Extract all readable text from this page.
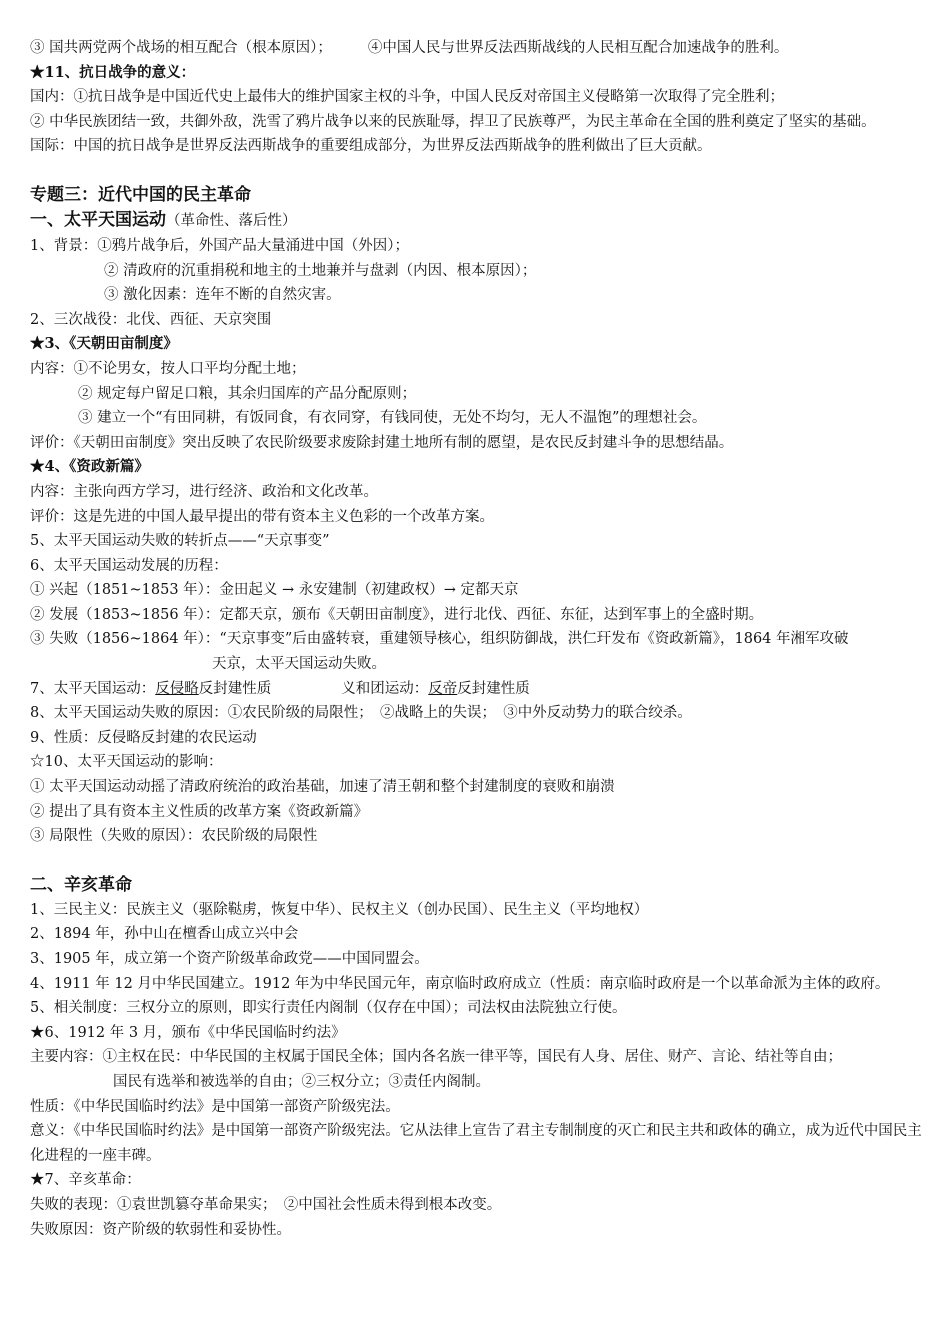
③ 国共两党两个战场的相互配合（根本原因）； ④中国人民与世界反法西斯战线的人民相互配合加速战争的胜利。
★11、抗日战争的意义：
国内：①抗日战争是中国近代史上最伟大的维护国家主权的斗争，中国人民反对帝国主义侵略第一次取得了完全胜利；
② 中华民族团结一致，共御外敌，洗雪了鸦片战争以来的民族耻辱，捍卫了民族尊严，为民主革命在全国的胜利奠定了坚实的基础。
国际：中国的抗日战争是世界反法西斯战争的重要组成部分，为世界反法西斯战争的胜利做出了巨大贡献。
专题三：近代中国的民主革命
一、太平天国运动（革命性、落后性）
1、背景：①鸦片战争后，外国产品大量涌进中国（外因）；
② 清政府的沉重捐税和地主的土地兼并与盘剥（内因、根本原因）；
③ 激化因素：连年不断的自然灾害。
2、三次战役：北伐、西征、天京突围
★3、《天朝田亩制度》
内容：①不论男女，按人口平均分配土地；
② 规定每户留足口粮，其余归国库的产品分配原则；
③ 建立一个“有田同耕，有饭同食，有衣同穿，有钱同使，无处不均匀，无人不温饱”的理想社会。
评价：《天朝田亩制度》突出反映了农民阶级要求废除封建土地所有制的愿望，是农民反封建斗争的思想结晶。
★4、《资政新篇》
内容：主张向西方学习，进行经济、政治和文化改革。
评价：这是先进的中国人最早提出的带有资本主义色彩的一个改革方案。
5、太平天国运动失败的转折点——“天京事变”
6、太平天国运动发展的历程：
① 兴起（1851~1853 年）：金田起义 → 永安建制（初建政权）→ 定都天京
② 发展（1853~1856 年）：定都天京，颁布《天朝田亩制度》，进行北伐、西征、东征，达到军事上的全盛时期。
③ 失败（1856~1864 年）：“天京事变”后由盛转衰，重建领导核心，组织防御战，洪仁玕发布《资政新篇》，1864 年湘军攻破
天京，太平天国运动失败。
7、太平天国运动：反侵略反封建性质	义和团运动：反帝反封建性质
8、太平天国运动失败的原因：①农民阶级的局限性；　②战略上的失误；　③中外反动势力的联合绞杀。
9、性质：反侵略反封建的农民运动
☆10、太平天国运动的影响：
① 太平天国运动动摇了清政府统治的政治基础，加速了清王朝和整个封建制度的衰败和崩溃
② 提出了具有资本主义性质的改革方案《资政新篇》
③ 局限性（失败的原因）：农民阶级的局限性
二、辛亥革命
1、三民主义：民族主义（驱除鞑虏，恢复中华）、民权主义（创办民国）、民生主义（平均地权）
2、1894 年，孙中山在檀香山成立兴中会
3、1905 年，成立第一个资产阶级革命政党——中国同盟会。
4、1911 年 12 月中华民国建立。1912 年为中华民国元年，南京临时政府成立（性质：南京临时政府是一个以革命派为主体的政府。
5、相关制度：三权分立的原则，即实行责任内阁制（仅存在中国）；司法权由法院独立行使。
★6、1912 年 3 月，颁布《中华民国临时约法》
主要内容：①主权在民：中华民国的主权属于国民全体；国内各名族一律平等，国民有人身、居住、财产、言论、结社等自由；
国民有选举和被选举的自由；②三权分立；③责任内阁制。
性质：《中华民国临时约法》是中国第一部资产阶级宪法。
意义：《中华民国临时约法》是中国第一部资产阶级宪法。它从法律上宣告了君主专制制度的灭亡和民主共和政体的确立，成为近代中国民主化进程的一座丰碑。
★7、辛亥革命：
失败的表现：①袁世凯篡夺革命果实；　②中国社会性质未得到根本改变。
失败原因：资产阶级的软弱性和妥协性。
